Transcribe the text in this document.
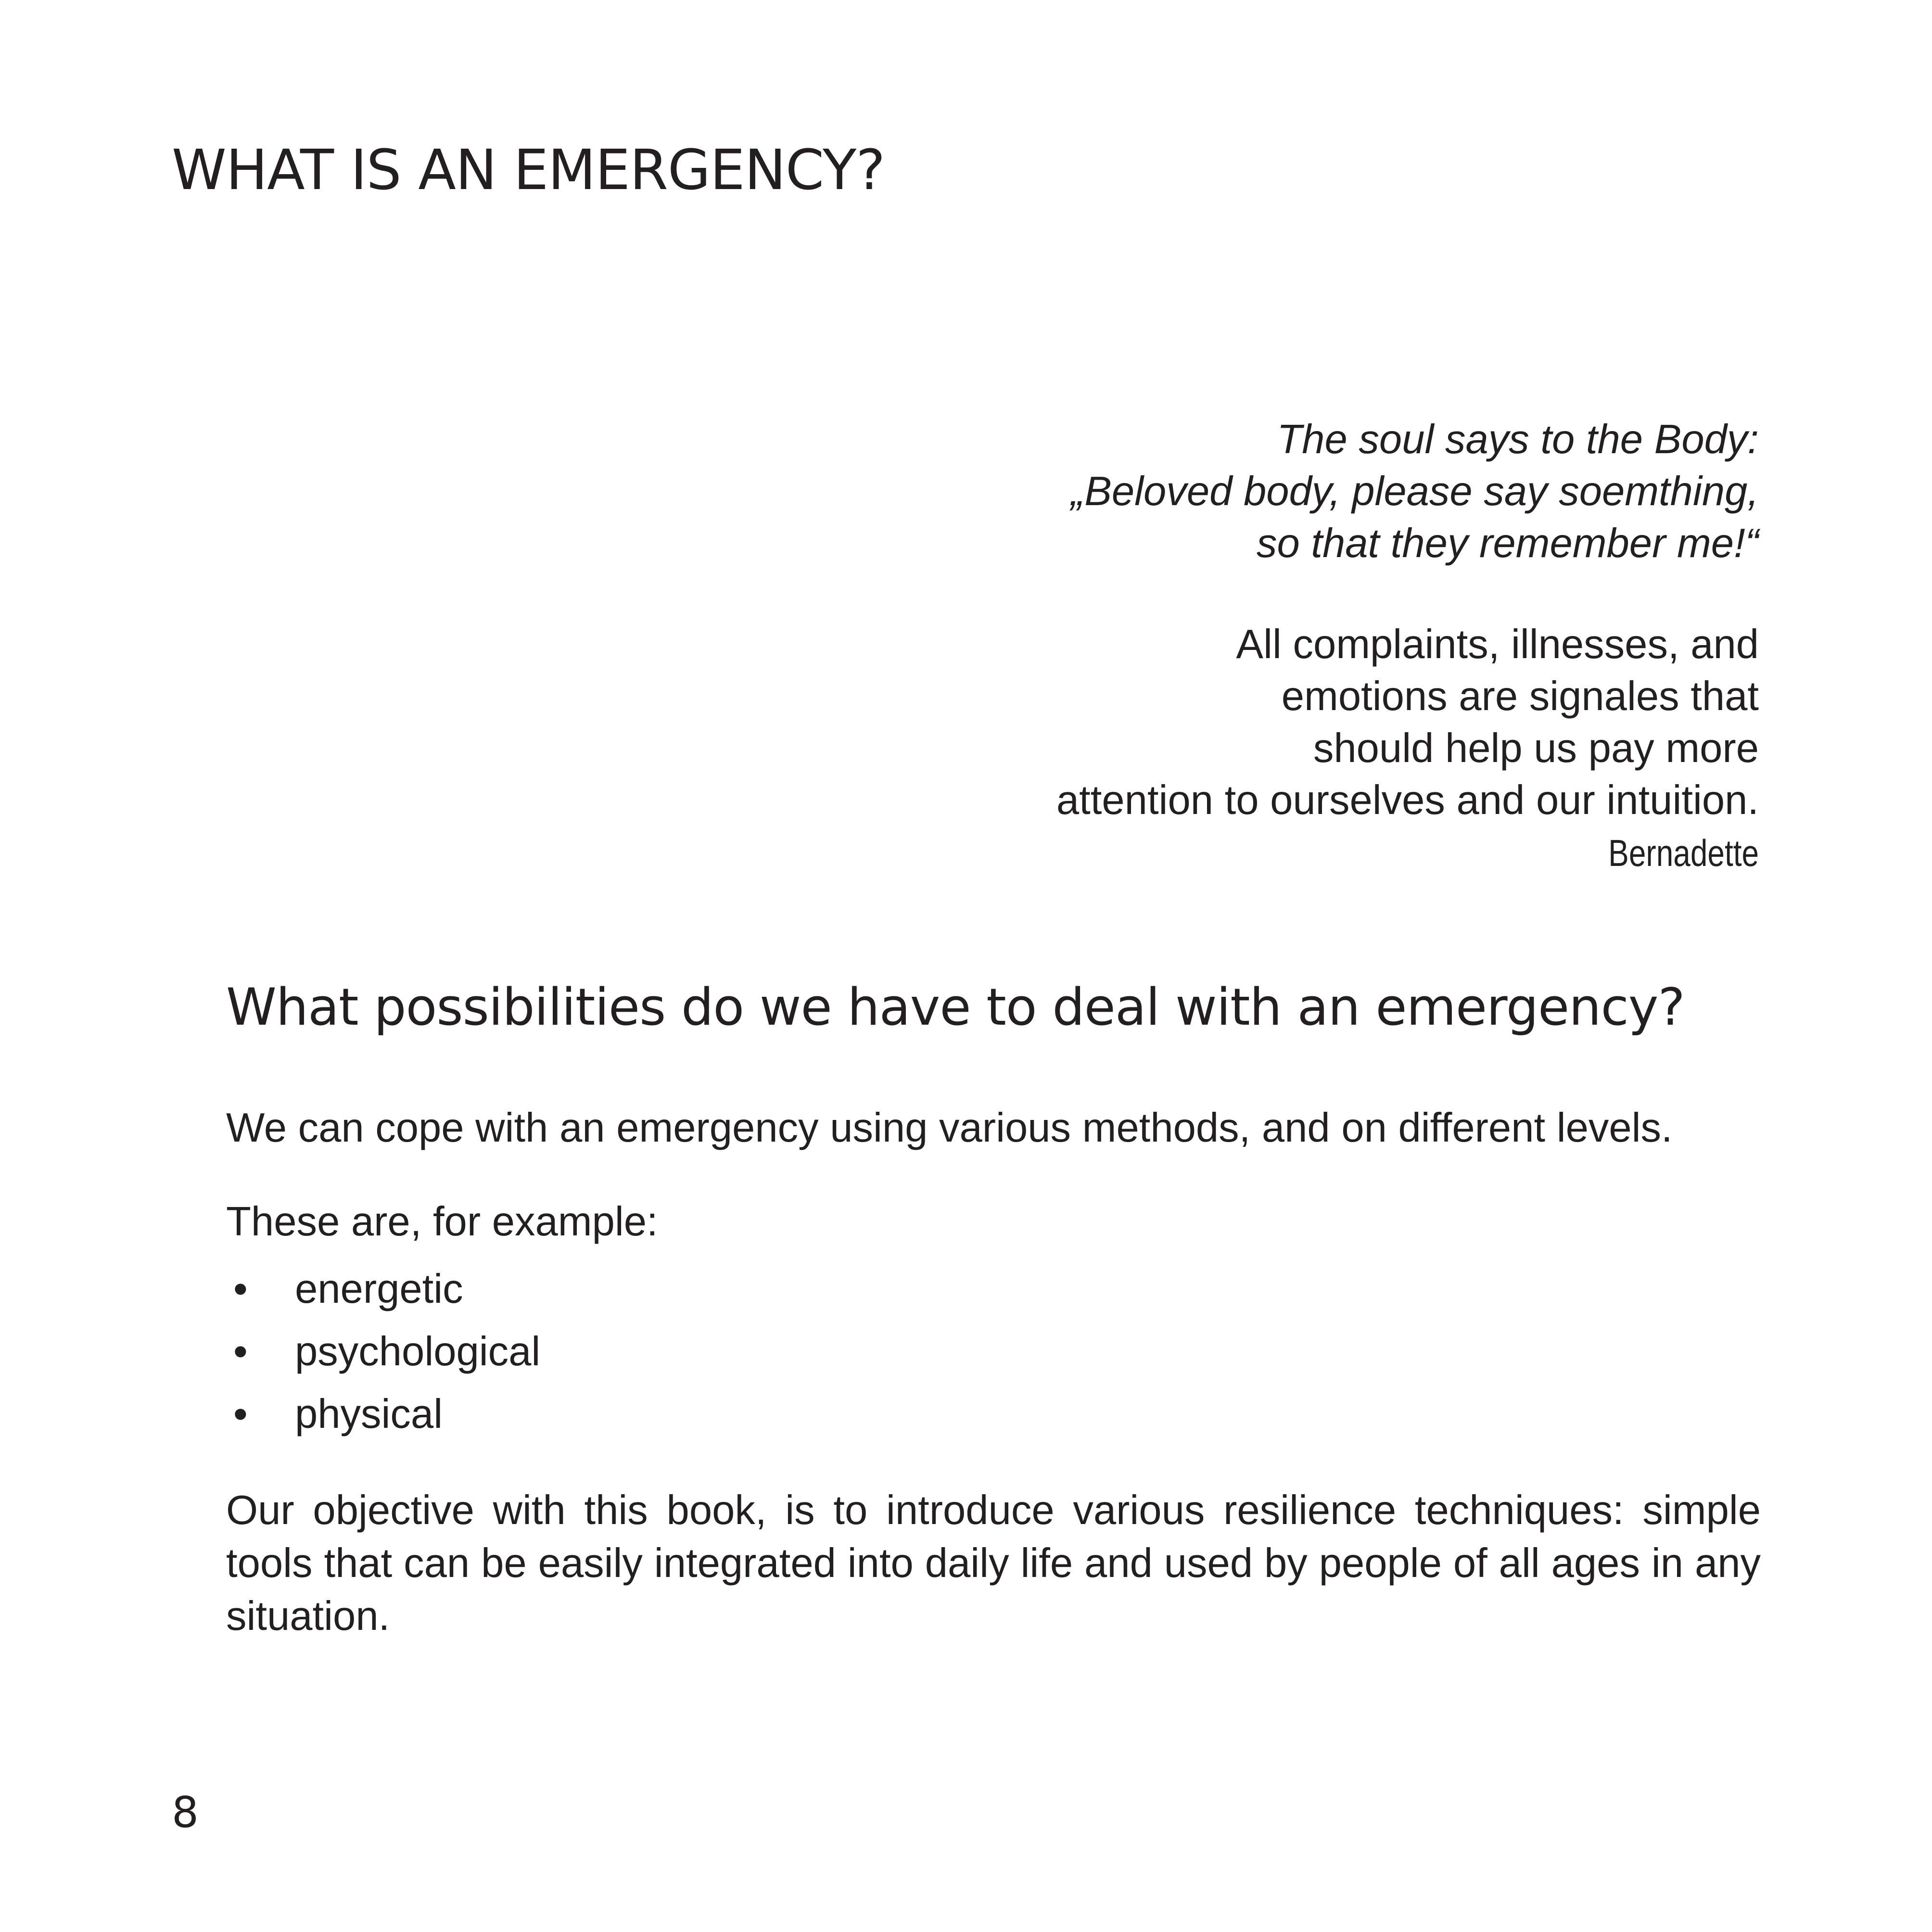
WHAT IS AN EMERGENCY?
The soul says to the Body:
„Beloved body, please say soemthing,
so that they remember me!“
All complaints, illnesses, and
emotions are signales that
should help us pay more
attention to ourselves and our intuition.
Bernadette
What possibilities do we have to deal with an emergency?

We can cope with an emergency using various methods, and on different levels.

These are, for example:

• energetic
• psychological
• physical

Our objective with this book, is to introduce various resilience techniques: simple tools that can be easily integrated into daily life and used by people of all ages in any situation.

8
